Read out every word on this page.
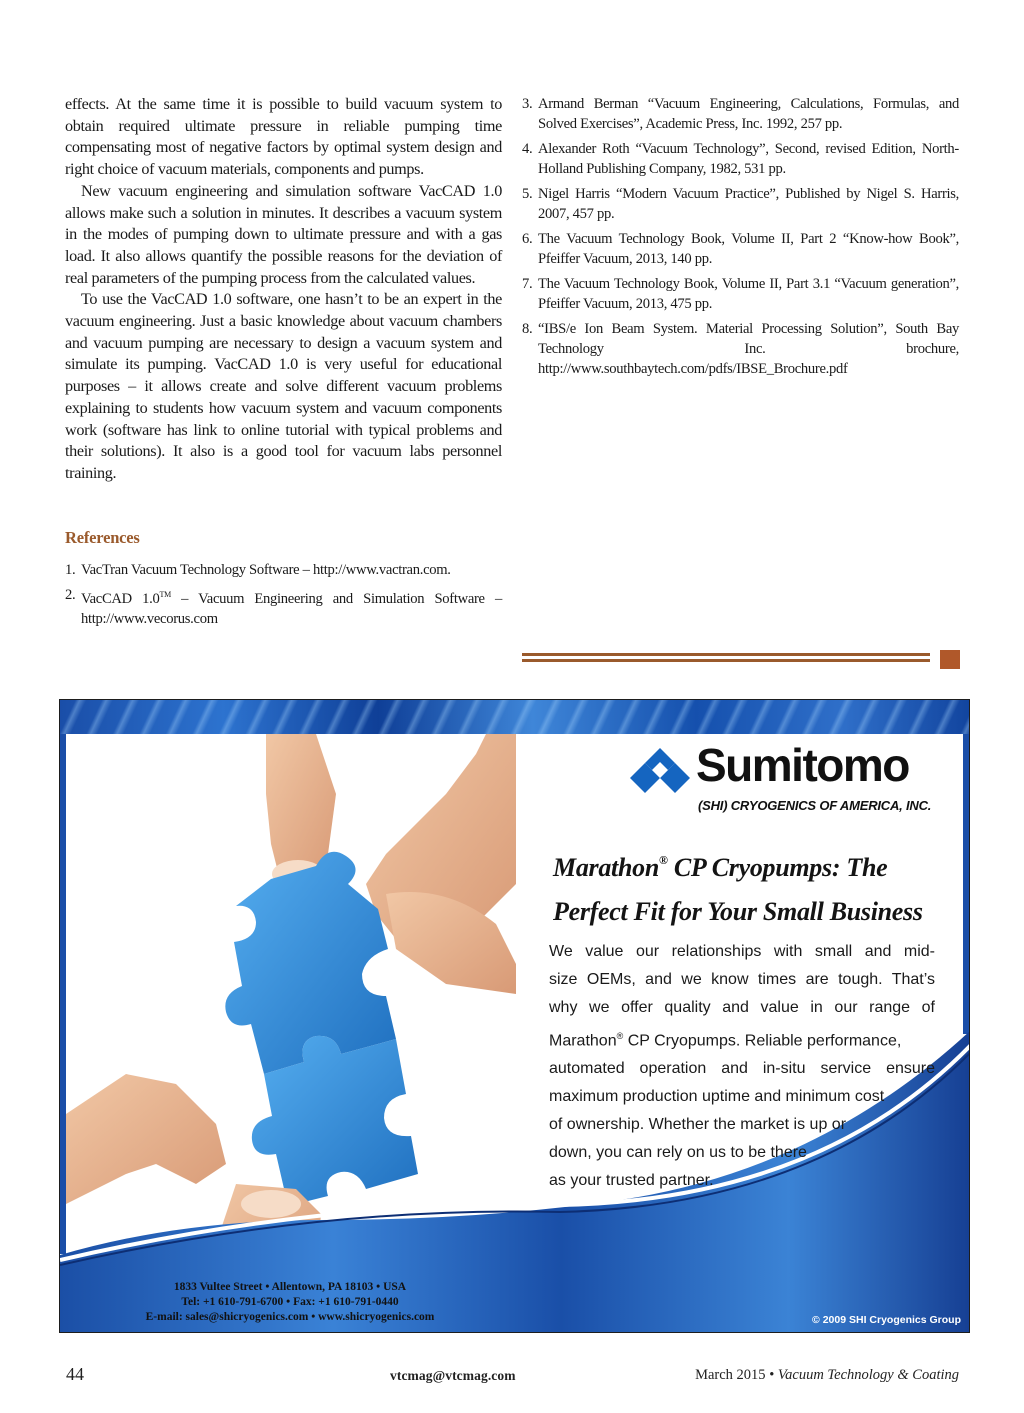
effects. At the same time it is possible to build vacuum system to obtain required ultimate pressure in reliable pumping time compensating most of negative factors by optimal system design and right choice of vacuum materials, components and pumps.

New vacuum engineering and simulation software VacCAD 1.0 allows make such a solution in minutes. It describes a vacuum system in the modes of pumping down to ultimate pressure and with a gas load. It also allows quantify the possible reasons for the deviation of real parameters of the pumping process from the calculated values.

To use the VacCAD 1.0 software, one hasn’t to be an expert in the vacuum engineering. Just a basic knowledge about vacuum chambers and vacuum pumping are necessary to design a vacuum system and simulate its pumping. VacCAD 1.0 is very useful for educational purposes – it allows create and solve different vacuum problems explaining to students how vacuum system and vacuum components work (software has link to online tutorial with typical problems and their solutions). It also is a good tool for vacuum labs personnel training.

References
1. VacTran Vacuum Technology Software – http://www.vactran.com.
2. VacCAD 1.0™ – Vacuum Engineering and Simulation Software – http://www.vecorus.com
3. Armand Berman “Vacuum Engineering, Calculations, Formulas, and Solved Exercises”, Academic Press, Inc. 1992, 257 pp.
4. Alexander Roth “Vacuum Technology”, Second, revised Edition, North-Holland Publishing Company, 1982, 531 pp.
5. Nigel Harris “Modern Vacuum Practice”, Published by Nigel S. Harris, 2007, 457 pp.
6. The Vacuum Technology Book, Volume II, Part 2 “Know-how Book”, Pfeiffer Vacuum, 2013, 140 pp.
7. The Vacuum Technology Book, Volume II, Part 3.1 “Vacuum generation”, Pfeiffer Vacuum, 2013, 475 pp.
8. “IBS/e Ion Beam System. Material Processing Solution”, South Bay Technology Inc. brochure, http://www.southbaytech.com/pdfs/IBSE_Brochure.pdf
Sumitomo
(SHI) CRYOGENICS OF AMERICA, INC.
Marathon® CP Cryopumps: The
Perfect Fit for Your Small Business
We value our relationships with small and mid-
size OEMs, and we know times are tough. That’s
why we offer quality and value in our range of
Marathon® CP Cryopumps. Reliable performance,
automated operation and in-situ service ensure
maximum production uptime and minimum cost
of ownership. Whether the market is up or
down, you can rely on us to be there
as your trusted partner.
1833 Vultee Street • Allentown, PA 18103 • USA
Tel: +1 610-791-6700 • Fax: +1 610-791-0440
E-mail: sales@shicryogenics.com • www.shicryogenics.com	© 2009 SHI Cryogenics Group
44	vtcmag@vtcmag.com	March 2015 • Vacuum Technology & Coating
